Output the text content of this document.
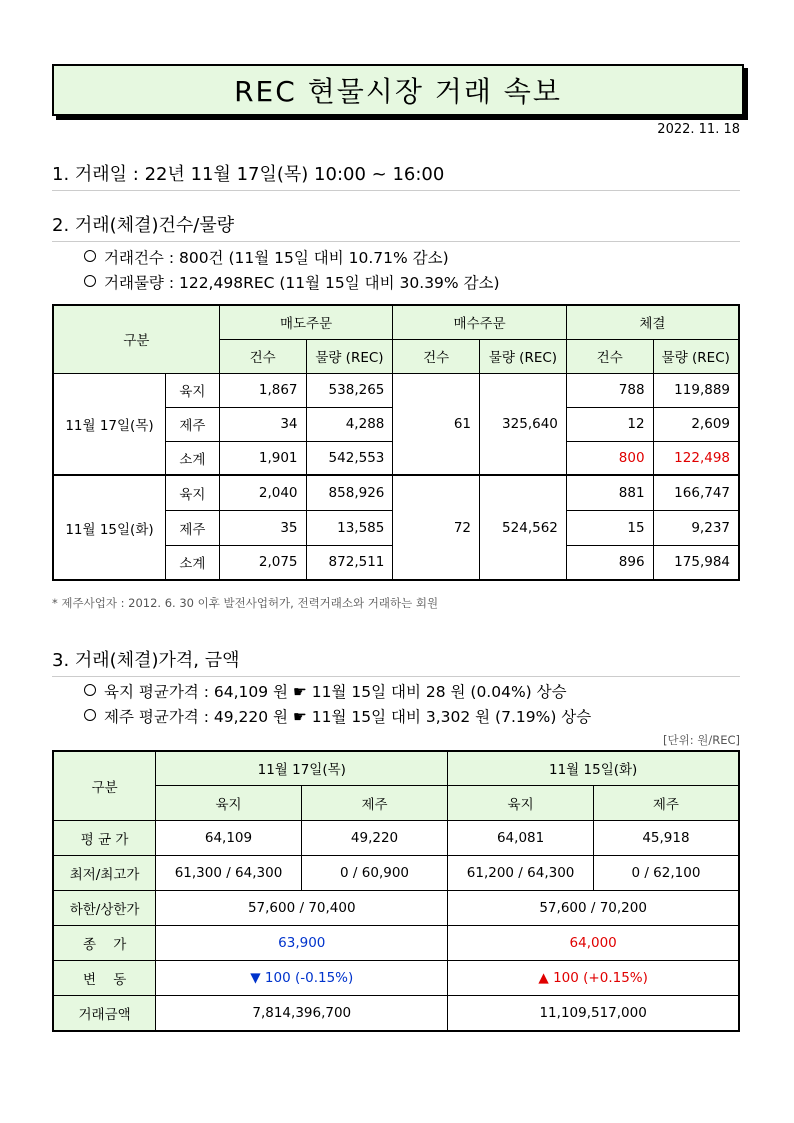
REC 현물시장 거래 속보
2022. 11. 18
1. 거래일 : 22년 11월 17일(목) 10:00 ~ 16:00
2. 거래(체결)건수/물량
거래건수 : 800건 (11월 15일 대비 10.71% 감소)
거래물량 : 122,498REC (11월 15일 대비 30.39% 감소)
구분		매도주문		매수주문		체결	
		건수	물량 (REC)	건수	물량 (REC)	건수	물량 (REC)
11월 17일(목)	육지	1,867	538,265	61	325,640	788	119,889
	제주	34	4,288			12	2,609
	소계	1,901	542,553			800	122,498
11월 15일(화)	육지	2,040	858,926	72	524,562	881	166,747
	제주	35	13,585			15	9,237
	소계	2,075	872,511			896	175,984
* 제주사업자 : 2012. 6. 30 이후 발전사업허가, 전력거래소와 거래하는 회원
3. 거래(체결)가격, 금액
육지 평균가격 : 64,109 원 ☛ 11월 15일 대비 28 원 (0.04%) 상승
제주 평균가격 : 49,220 원 ☛ 11월 15일 대비 3,302 원 (7.19%) 상승
[단위: 원/REC]
구분	11월 17일(목)		11월 15일(화)	
	육지	제주	육지	제주
평 균 가	64,109	49,220	64,081	45,918
최저/최고가	61,300 / 64,300	0 / 60,900	61,200 / 64,300	0 / 62,100
하한/상한가	57,600 / 70,400		57,600 / 70,200	
종    가	63,900		64,000	
변    동	▼ 100 (-0.15%)		▲ 100 (+0.15%)	
거래금액	7,814,396,700		11,109,517,000	
